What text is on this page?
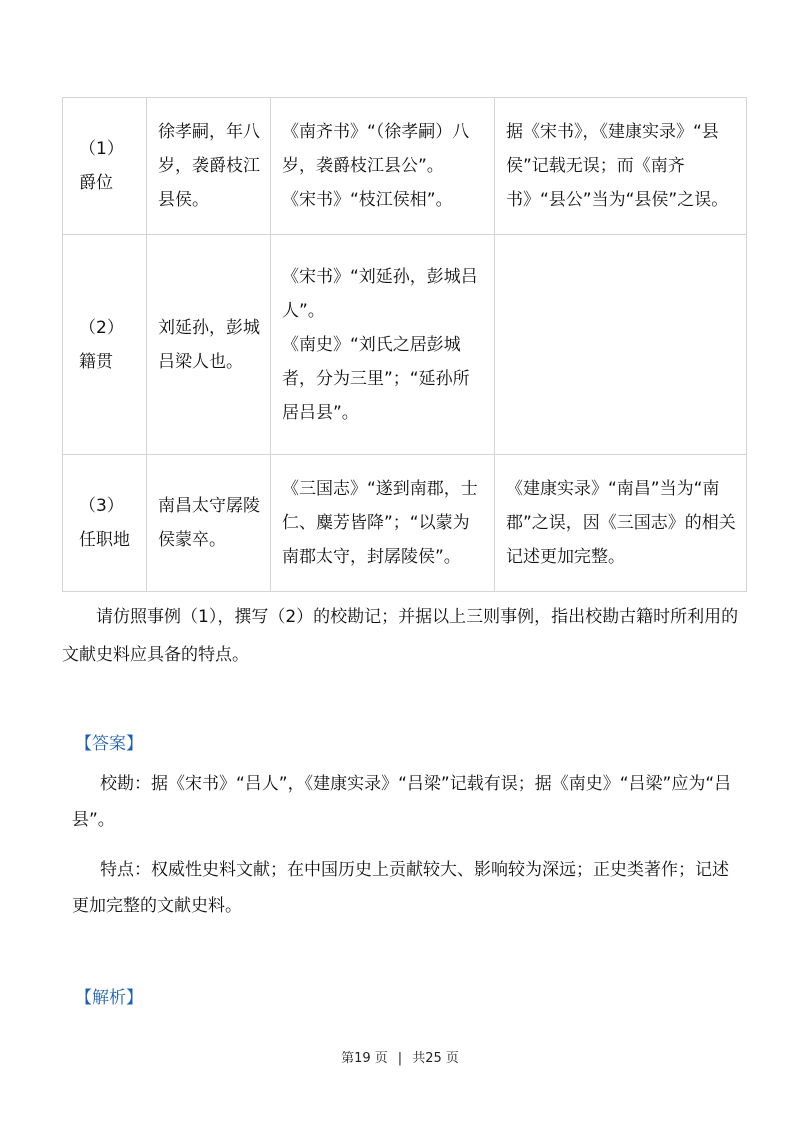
（1）爵位	徐孝嗣，年八岁，袭爵枝江县侯。	《南齐书》“（徐孝嗣）八岁，袭爵枝江县公”。

《宋书》“枝江侯相”。	据《宋书》，《建康实录》“县侯”记载无误；而《南齐书》“县公”当为“县侯”之误。
（2）籍贯	刘延孙，彭城吕梁人也。	《宋书》“刘延孙，彭城吕人”。

《南史》“刘氏之居彭城者，分为三里”；“延孙所居吕县”。	

（3）任职地	南昌太守孱陵侯蒙卒。	《三国志》“遂到南郡，士仁、麋芳皆降”；“以蒙为南郡太守，封孱陵侯”。	《建康实录》“南昌”当为“南郡”之误，因《三国志》的相关记述更加完整。

请仿照事例（1），撰写（2）的校勘记；并据以上三则事例，指出校勘古籍时所利用的文献史料应具备的特点。

【答案】

校勘：据《宋书》“吕人”，《建康实录》“吕梁”记载有误；据《南史》“吕梁”应为“吕县”。

特点：权威性史料文献；在中国历史上贡献较大、影响较为深远；正史类著作；记述更加完整的文献史料。

【解析】

第19 页 | 共25 页
